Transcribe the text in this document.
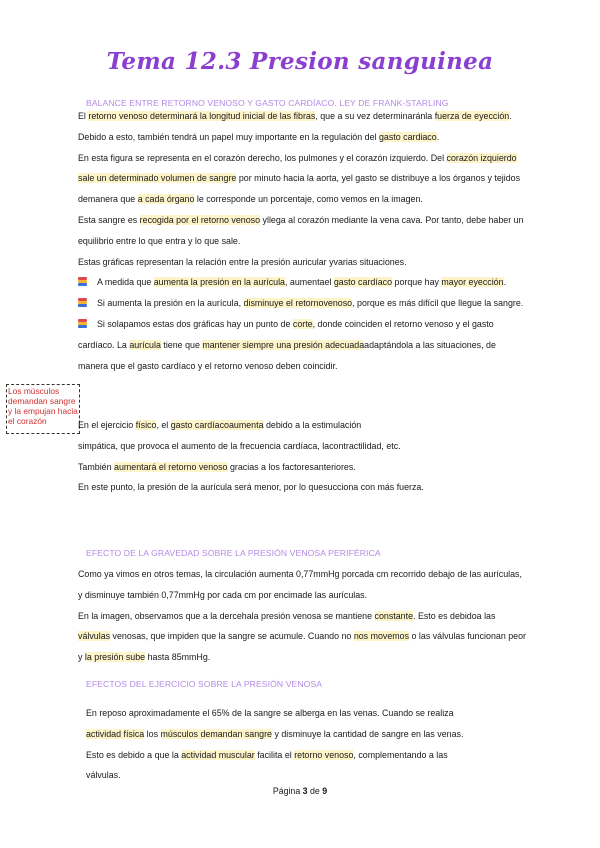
Tema 12.3 Presion sanguinea
BALANCE ENTRE RETORNO VENOSO Y GASTO CARDÍACO. LEY DE FRANK-STARLING

El retorno venoso determinará la longitud inicial de las fibras, que a su vez determinaránla fuerza de eyección.

Debido a esto, también tendrá un papel muy importante en la regulación del gasto cardiaco.

En esta figura se representa en el corazón derecho, los pulmones y el corazón izquierdo. Del corazón izquierdo

sale un determinado volumen de sangre por minuto hacia la aorta, yel gasto se distribuye a los órganos y tejidos

demanera que a cada órgano le corresponde un porcentaje, como vemos en la imagen.

Esta sangre es recogida por el retorno venoso yllega al corazón mediante la vena cava. Por tanto, debe haber un

equilibrio entre lo que entra y lo que sale.

Estas gráficas representan la relación entre la presión auricular yvarias situaciones.

A medida que aumenta la presión en la aurícula, aumentael gasto cardíaco porque hay mayor eyección.

Si aumenta la presión en la aurícula, disminuye el retornovenoso, porque es más difícil que llegue la sangre.

Si solapamos estas dos gráficas hay un punto de corte, donde coinciden el retorno venoso y el gasto

cardíaco. La aurícula tiene que mantener siempre una presión adecuadaadaptándola a las situaciones, de

manera que el gasto cardíaco y el retorno venoso deben coincidir.

Los músculos demandan sangre y la empujan hacia el corazón	En el ejercicio físico, el gasto cardíacoaumenta debido a la estimulación

simpática, que provoca el aumento de la frecuencia cardíaca, lacontractilidad, etc.

También aumentará el retorno venoso gracias a los factoresanteriores.

En este punto, la presión de la aurícula será menor, por lo quesucciona con más fuerza.

EFECTO DE LA GRAVEDAD SOBRE LA PRESIÓN VENOSA PERIFÉRICA

Como ya vimos en otros temas, la circulación aumenta 0,77mmHg porcada cm recorrido debajo de las aurículas,

y disminuye también 0,77mmHg por cada cm por encimade las aurículas.

En la imagen, observamos que a la dercehala presión venosa se mantiene constante. Esto es debidoa las

válvulas venosas, que impiden que la sangre se acumule. Cuando no nos movemos o las válvulas funcionan peor

y la presión sube hasta 85mmHg.

EFECTOS DEL EJERCICIO SOBRE LA PRESIÓN VENOSA

En reposo aproximadamente el 65% de la sangre se alberga en las venas. Cuando se realiza

actividad física los músculos demandan sangre y disminuye la cantidad de sangre en las venas.

Esto es debido a que la actividad muscular facilita el retorno venoso, complementando a las

válvulas.

Página 3 de 9
